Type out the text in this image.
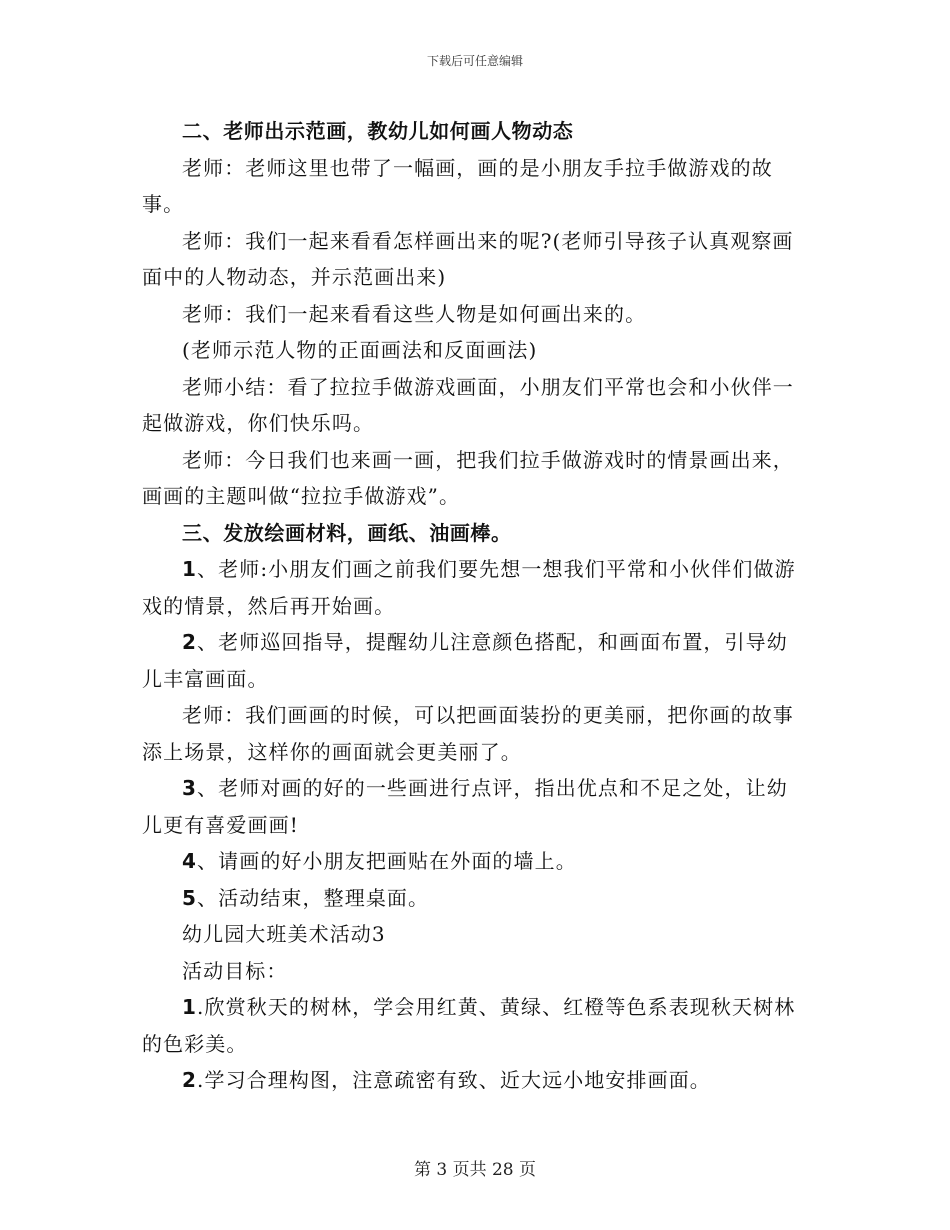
下载后可任意编辑

二、老师出示范画，教幼儿如何画人物动态

老师：老师这里也带了一幅画，画的是小朋友手拉手做游戏的故事。

老师：我们一起来看看怎样画出来的呢?(老师引导孩子认真观察画面中的人物动态，并示范画出来)

老师：我们一起来看看这些人物是如何画出来的。

(老师示范人物的正面画法和反面画法)

老师小结：看了拉拉手做游戏画面，小朋友们平常也会和小伙伴一起做游戏，你们快乐吗。

老师：今日我们也来画一画，把我们拉手做游戏时的情景画出来，画画的主题叫做“拉拉手做游戏”。

三、发放绘画材料，画纸、油画棒。

1、老师:小朋友们画之前我们要先想一想我们平常和小伙伴们做游戏的情景，然后再开始画。

2、老师巡回指导，提醒幼儿注意颜色搭配，和画面布置，引导幼儿丰富画面。

老师：我们画画的时候，可以把画面装扮的更美丽，把你画的故事添上场景，这样你的画面就会更美丽了。

3、老师对画的好的一些画进行点评，指出优点和不足之处，让幼儿更有喜爱画画!

4、请画的好小朋友把画贴在外面的墙上。

5、活动结束，整理桌面。

幼儿园大班美术活动3

活动目标：

1.欣赏秋天的树林，学会用红黄、黄绿、红橙等色系表现秋天树林的色彩美。

2.学习合理构图，注意疏密有致、近大远小地安排画面。

第 3 页共 28 页
